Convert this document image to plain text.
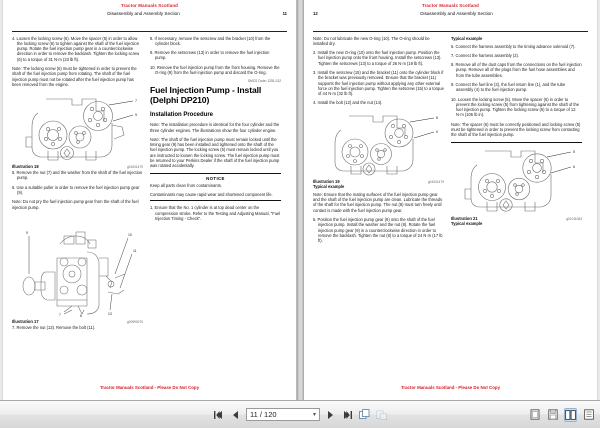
Tractor Manuals Scotland
11
Disassembly and Assembly Section

4. Loosen the locking screw (6). Move the spacer (5) in order to allow the locking screw (6) to tighten against the shaft of the fuel injection pump. Rotate the fuel injection pump gear in a counterclockwise direction in order to remove the backlash. Tighten the locking screw (6) to a torque of 31 N·m (23 lb ft).

Note: The locking screw (6) must be tightened in order to prevent the shaft of the fuel injection pump from rotating. The shaft of the fuel injection pump must not be rotated after the fuel injection pump has been removed from the engine.

7
9
Illustration 18	g01001479

5. Remove the nut (7) and the washer from the shaft of the fuel injection pump.

6. Use a suitable puller in order to remove the fuel injection pump gear (9).

Note: Do not pry the fuel injection pump gear from the shaft of the fuel injection pump.

9	10
11
13
7	8
Illustration 17	g00990070

7. Remove the nut (13). Remove the bolt (11).

8. If necessary, remove the setscrew and the bracket (10) from the cylinder block.

9. Remove the setscrews (13) in order to remove the fuel injection pump.

10. Remove the fuel injection pump from the front housing. Remove the O-ring (9) from the fuel injection pump and discard the O-ring.

SMCS Code: 1251-012
Fuel Injection Pump - Install (Delphi DP210)
Installation Procedure

Note: The installation procedure is identical for the four cylinder and the three cylinder engines. The illustrations show the four cylinder engine.

Note: The shaft of the fuel injection pump must remain locked until the timing gear (9) has been installed and tightened onto the shaft of the fuel injection pump. The locking screw (5) must remain locked until you are instructed to loosen the locking screw. The fuel injection pump must be returned to your Perkins Dealer if the shaft of the fuel injection pump was rotated accidentally.

NOTICE

Keep all parts clean from contaminants.

Contaminants may cause rapid wear and shortened component life.

1. Ensure that the No. 1 cylinder is at top dead center on the compression stroke. Refer to the Testing and Adjusting Manual, "Fuel Injection Timing - Check".

Tractor Manuals Scotland - Please Do Not Copy
Tractor Manuals Scotland
12	Disassembly and Assembly Section

Note: Do not lubricate the new O-ring (10). The O-ring should be installed dry.

2. Install the new O-ring (10) onto the fuel injection pump. Position the fuel injection pump onto the front housing. Install the setscrews (13). Tighten the setscrews (13) to a torque of 26 N·m (19 lb ft).

3. Install the setscrew (15) and the bracket (11) onto the cylinder block if the bracket was previously removed. Ensure that the bracket (11) supports the fuel injection pump without applying any other external force on the fuel injection pump. Tighten the setscrew (15) to a torque of 44 N·m (32 lb ft).

4. Install the bolt (12) and the nut (14).

8
9
Illustration 19	g01001479
Typical example

Note: Ensure that the mating surfaces of the fuel injection pump gear and the shaft of the fuel injection pump are clean. Lubricate the threads of the shaft for the fuel injection pump. The nut (8) must turn freely until contact is made with the fuel injection pump gear.

5. Position the fuel injection pump gear (9) onto the shaft of the fuel injection pump. Install the washer and the nut (8). Rotate the fuel injection pump gear (9) in a counterclockwise direction in order to remove the backlash. Tighten the nut (8) to a torque of 24 N·m (17 lb ft).

Typical example

6. Connect the harness assembly to the timing advance solenoid (7).

7. Connect the harness assembly (2).

8. Remove all of the dust caps from the connections on the fuel injection pump. Remove all of the plugs from the fuel hose assemblies and from the tube assemblies.

9. Connect the fuel line (3), the fuel return line (1), and the tube assembly (4) to the fuel injection pump.

10. Loosen the locking screw (5). Move the spacer (6) in order to prevent the locking screw (5) from tightening against the shaft of the fuel injection pump. Tighten the locking screw (6) to a torque of 12 N·m (106 lb in).

Note: The spacer (6) must be correctly positioned and locking screw (5) must be tightened in order to prevent the locking screw from contacting the shaft of the fuel injection pump.

5
6
Illustration 21	g01011063
Typical example
Tractor Manuals Scotland - Please Do Not Copy
11 / 120	▾
